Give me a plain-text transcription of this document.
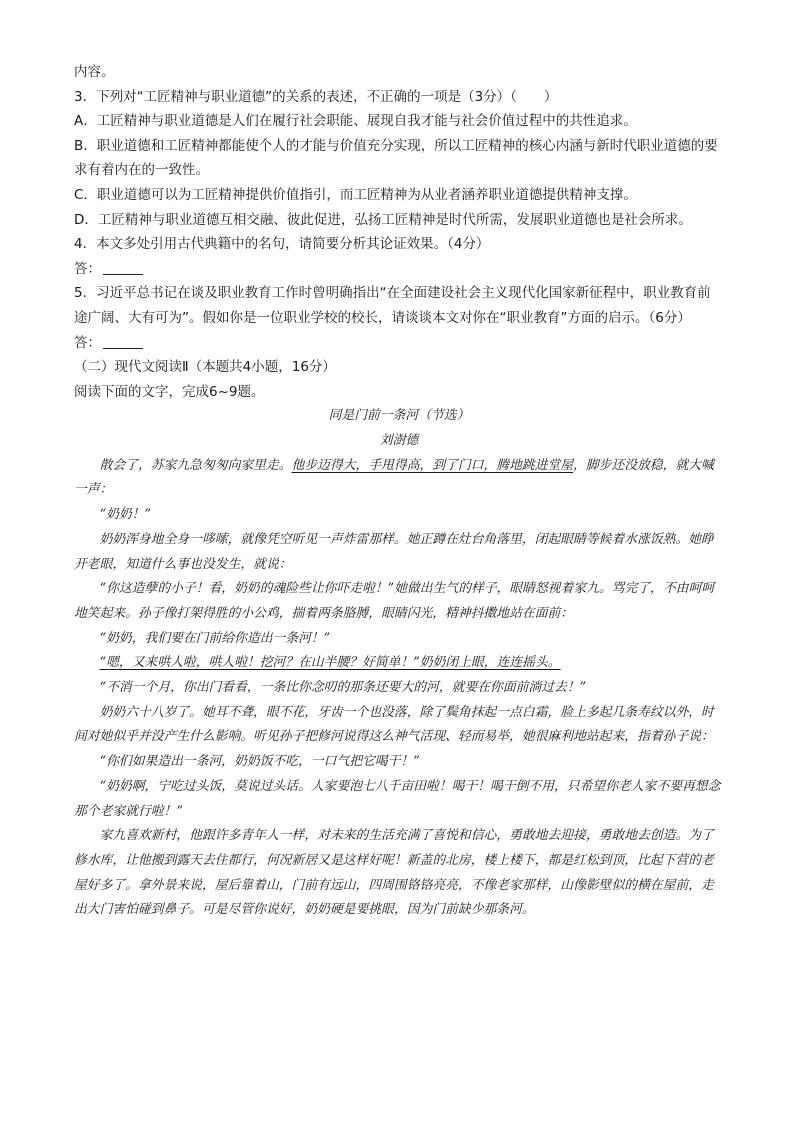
内容。

3．下列对“工匠精神与职业道德”的关系的表述，不正确的一项是（3分）（　　）

A．工匠精神与职业道德是人们在履行社会职能、展现自我才能与社会价值过程中的共性追求。

B．职业道德和工匠精神都能使个人的才能与价值充分实现，所以工匠精神的核心内涵与新时代职业道德的要求有着内在的一致性。

C．职业道德可以为工匠精神提供价值指引，而工匠精神为从业者涵养职业道德提供精神支撑。

D．工匠精神与职业道德互相交融、彼此促进，弘扬工匠精神是时代所需，发展职业道德也是社会所求。

4．本文多处引用古代典籍中的名句，请简要分析其论证效果。（4分）

答：

5．习近平总书记在谈及职业教育工作时曾明确指出“在全面建设社会主义现代化国家新征程中，职业教育前途广阔、大有可为”。假如你是一位职业学校的校长，请谈谈本文对你在“职业教育”方面的启示。（6分）

答：

（二）现代文阅读Ⅱ（本题共4小题，16分）

阅读下面的文字，完成6~9题。

同是门前一条河（节选）

刘澍德

散会了，苏家九急匆匆向家里走。他步迈得大，手甩得高，到了门口，腾地跳进堂屋，脚步还没放稳，就大喊一声：

“奶奶！”

奶奶浑身地全身一哆嗦，就像凭空听见一声炸雷那样。她正蹲在灶台角落里，闭起眼睛等候着水涨饭熟。她睁开老眼，知道什么事也没发生，就说：

“你这造孽的小子！看，奶奶的魂险些让你吓走啦！”她做出生气的样子，眼睛怒视着家九。骂完了，不由呵呵地笑起来。孙子像打架得胜的小公鸡，揣着两条胳膊，眼睛闪光，精神抖擞地站在面前：

“奶奶，我们要在门前给你造出一条河！”

“嗯，又来哄人啦，哄人啦！挖河？在山半腰？好简单！”奶奶闭上眼，连连摇头。

“不消一个月，你出门看看，一条比你念叨的那条还要大的河，就要在你面前淌过去！”

奶奶六十八岁了。她耳不聋，眼不花，牙齿一个也没落，除了鬓角抹起一点白霜，脸上多起几条寿纹以外，时间对她似乎并没产生什么影响。听见孙子把修河说得这么神气活现、轻而易举，她很麻利地站起来，指着孙子说：

“你们如果造出一条河，奶奶饭不吃，一口气把它喝干！”

“奶奶啊，宁吃过头饭，莫说过头话。人家要泡七八千亩田啦！喝干！喝干倒不用，只希望你老人家不要再想念那个老家就行啦！”

家九喜欢新村，他跟许多青年人一样，对未来的生活充满了喜悦和信心，勇敢地去迎接，勇敢地去创造。为了修水库，让他搬到露天去住都行，何况新居又是这样好呢！新盖的北房，楼上楼下，都是红松到顶，比起下营的老屋好多了。拿外景来说，屋后靠着山，门前有远山，四周围铬铬亮亮，不像老家那样，山像影壁似的横在屋前，走出大门害怕碰到鼻子。可是尽管你说好，奶奶硬是要挑眼，因为门前缺少那条河。
